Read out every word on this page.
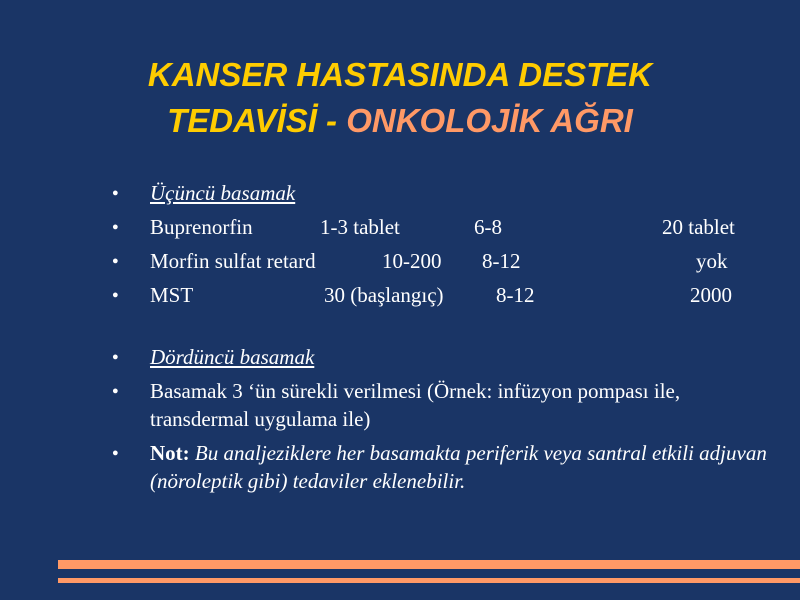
KANSER HASTASINDA DESTEK
TEDAVİSİ - ONKOLOJİK AĞRI
● Üçüncü basamak
● Buprenorfin	1-3 tablet	6-8	20 tablet
● Morfin sulfat retard	10-200 8-12	yok
● MST	30 (başlangıç) 8-12	2000
● Dördüncü basamak
● Basamak 3 ‘ün sürekli verilmesi (Örnek: infüzyon pompası ile, transdermal uygulama ile)
● Not: Bu analjeziklere her basamakta periferik veya santral etkili adjuvan (nöroleptik gibi) tedaviler eklenebilir.
